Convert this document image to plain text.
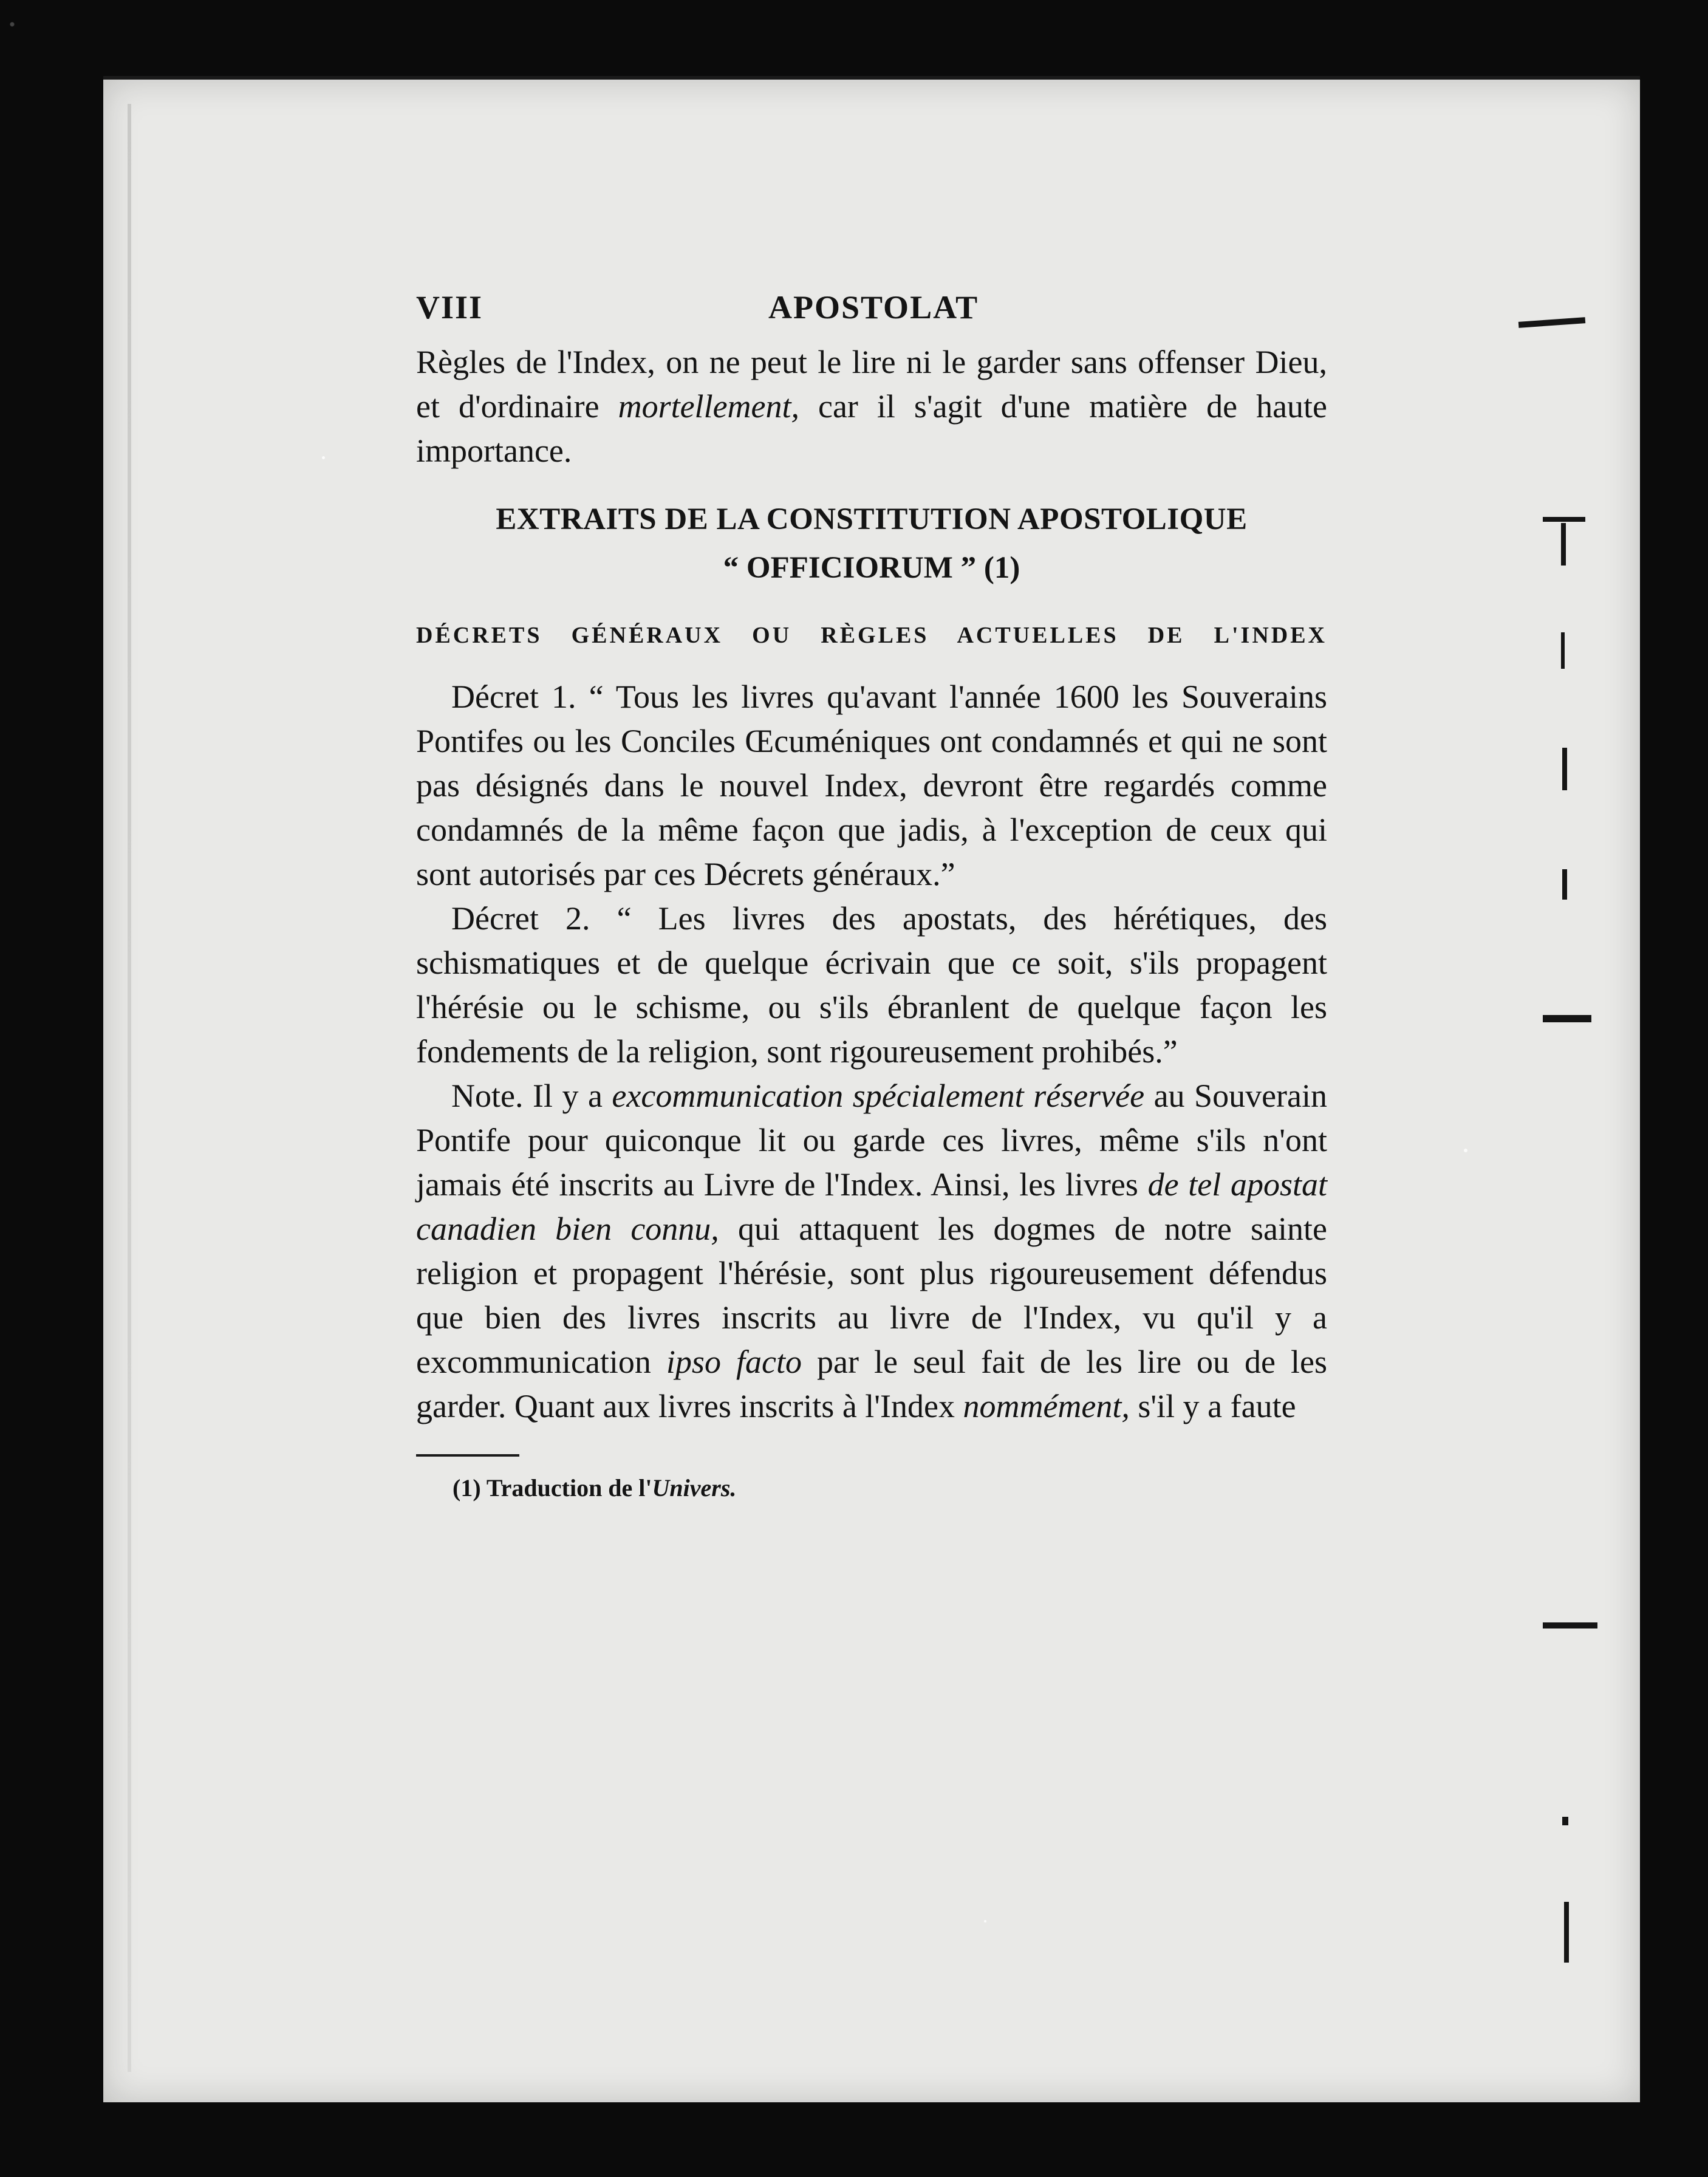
VIII	APOSTOLAT

Règles de l'Index, on ne peut le lire ni le garder sans offenser Dieu, et d'ordinaire mortellement, car il s'agit d'une matière de haute importance.

EXTRAITS DE LA CONSTITUTION APOSTOLIQUE
“ OFFICIORUM ” (1)
DÉCRETS GÉNÉRAUX OU RÈGLES ACTUELLES DE L'INDEX

Décret 1. “ Tous les livres qu'avant l'année 1600 les Souverains Pontifes ou les Conciles Œcuméniques ont condamnés et qui ne sont pas désignés dans le nouvel Index, devront être regardés comme condamnés de la même façon que jadis, à l'exception de ceux qui sont autorisés par ces Décrets généraux.”

Décret 2. “ Les livres des apostats, des hérétiques, des schismatiques et de quelque écrivain que ce soit, s'ils propagent l'hérésie ou le schisme, ou s'ils ébranlent de quelque façon les fondements de la religion, sont rigoureusement prohibés.”

Note. Il y a excommunication spécialement réservée au Souverain Pontife pour quiconque lit ou garde ces livres, même s'ils n'ont jamais été inscrits au Livre de l'Index. Ainsi, les livres de tel apostat canadien bien connu, qui attaquent les dogmes de notre sainte religion et propagent l'hérésie, sont plus rigoureusement défendus que bien des livres inscrits au livre de l'Index, vu qu'il y a excommunication ipso facto par le seul fait de les lire ou de les garder. Quant aux livres inscrits à l'Index nommément, s'il y a faute

(1) Traduction de l'Univers.
